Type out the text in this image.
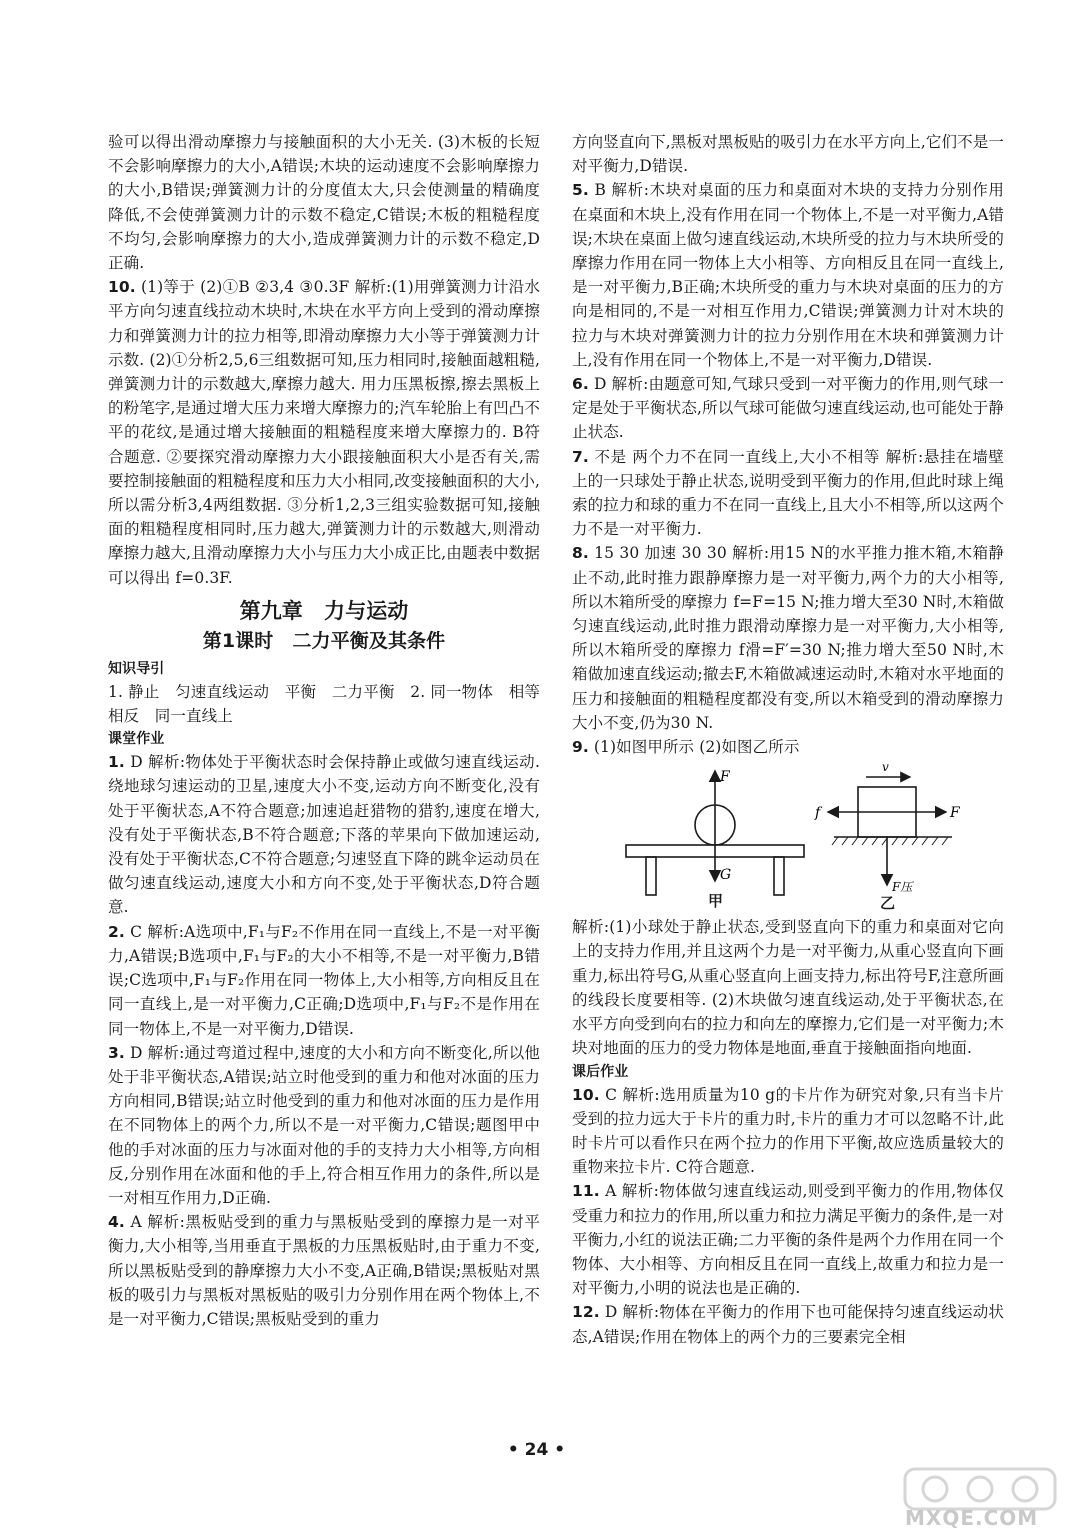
验可以得出滑动摩擦力与接触面积的大小无关. (3)木板的长短不会影响摩擦力的大小,A错误;木块的运动速度不会影响摩擦力的大小,B错误;弹簧测力计的分度值太大,只会使测量的精确度降低,不会使弹簧测力计的示数不稳定,C错误;木板的粗糙程度不均匀,会影响摩擦力的大小,造成弹簧测力计的示数不稳定,D正确.

10. (1)等于 (2)①B ②3,4 ③0.3F 解析:(1)用弹簧测力计沿水平方向匀速直线拉动木块时,木块在水平方向上受到的滑动摩擦力和弹簧测力计的拉力相等,即滑动摩擦力大小等于弹簧测力计示数. (2)①分析2,5,6三组数据可知,压力相同时,接触面越粗糙,弹簧测力计的示数越大,摩擦力越大. 用力压黑板擦,擦去黑板上的粉笔字,是通过增大压力来增大摩擦力的;汽车轮胎上有凹凸不平的花纹,是通过增大接触面的粗糙程度来增大摩擦力的. B符合题意. ②要探究滑动摩擦力大小跟接触面积大小是否有关,需要控制接触面的粗糙程度和压力大小相同,改变接触面积的大小,所以需分析3,4两组数据. ③分析1,2,3三组实验数据可知,接触面的粗糙程度相同时,压力越大,弹簧测力计的示数越大,则滑动摩擦力越大,且滑动摩擦力大小与压力大小成正比,由题表中数据可以得出 f=0.3F.

第九章　力与运动
第1课时　二力平衡及其条件
知识导引

1. 静止　匀速直线运动　平衡　二力平衡　2. 同一物体　相等　相反　同一直线上

课堂作业

1. D 解析:物体处于平衡状态时会保持静止或做匀速直线运动. 绕地球匀速运动的卫星,速度大小不变,运动方向不断变化,没有处于平衡状态,A不符合题意;加速追赶猎物的猎豹,速度在增大,没有处于平衡状态,B不符合题意;下落的苹果向下做加速运动,没有处于平衡状态,C不符合题意;匀速竖直下降的跳伞运动员在做匀速直线运动,速度大小和方向不变,处于平衡状态,D符合题意.

2. C 解析:A选项中,F₁与F₂不作用在同一直线上,不是一对平衡力,A错误;B选项中,F₁与F₂的大小不相等,不是一对平衡力,B错误;C选项中,F₁与F₂作用在同一物体上,大小相等,方向相反且在同一直线上,是一对平衡力,C正确;D选项中,F₁与F₂不是作用在同一物体上,不是一对平衡力,D错误.

3. D 解析:通过弯道过程中,速度的大小和方向不断变化,所以他处于非平衡状态,A错误;站立时他受到的重力和他对冰面的压力方向相同,B错误;站立时他受到的重力和他对冰面的压力是作用在不同物体上的两个力,所以不是一对平衡力,C错误;题图甲中他的手对冰面的压力与冰面对他的手的支持力大小相等,方向相反,分别作用在冰面和他的手上,符合相互作用力的条件,所以是一对相互作用力,D正确.

4. A 解析:黑板贴受到的重力与黑板贴受到的摩擦力是一对平衡力,大小相等,当用垂直于黑板的力压黑板贴时,由于重力不变,所以黑板贴受到的静摩擦力大小不变,A正确,B错误;黑板贴对黑板的吸引力与黑板对黑板贴的吸引力分别作用在两个物体上,不是一对平衡力,C错误;黑板贴受到的重力

方向竖直向下,黑板对黑板贴的吸引力在水平方向上,它们不是一对平衡力,D错误.

5. B 解析:木块对桌面的压力和桌面对木块的支持力分别作用在桌面和木块上,没有作用在同一个物体上,不是一对平衡力,A错误;木块在桌面上做匀速直线运动,木块所受的拉力与木块所受的摩擦力作用在同一物体上大小相等、方向相反且在同一直线上,是一对平衡力,B正确;木块所受的重力与木块对桌面的压力的方向是相同的,不是一对相互作用力,C错误;弹簧测力计对木块的拉力与木块对弹簧测力计的拉力分别作用在木块和弹簧测力计上,没有作用在同一个物体上,不是一对平衡力,D错误.

6. D 解析:由题意可知,气球只受到一对平衡力的作用,则气球一定是处于平衡状态,所以气球可能做匀速直线运动,也可能处于静止状态.

7. 不是 两个力不在同一直线上,大小不相等 解析:悬挂在墙壁上的一只球处于静止状态,说明受到平衡力的作用,但此时球上绳索的拉力和球的重力不在同一直线上,且大小不相等,所以这两个力不是一对平衡力.

8. 15 30 加速 30 30 解析:用15 N的水平推力推木箱,木箱静止不动,此时推力跟静摩擦力是一对平衡力,两个力的大小相等,所以木箱所受的摩擦力 f=F=15 N;推力增大至30 N时,木箱做匀速直线运动,此时推力跟滑动摩擦力是一对平衡力,大小相等,所以木箱所受的摩擦力 f滑=F′=30 N;推力增大至50 N时,木箱做加速直线运动;撤去F,木箱做减速运动时,木箱对水平地面的压力和接触面的粗糙程度都没有变,所以木箱受到的滑动摩擦力大小不变,仍为30 N.

9. (1)如图甲所示 (2)如图乙所示

F
G
v
F
f
F压
甲	乙

解析:(1)小球处于静止状态,受到竖直向下的重力和桌面对它向上的支持力作用,并且这两个力是一对平衡力,从重心竖直向下画重力,标出符号G,从重心竖直向上画支持力,标出符号F,注意所画的线段长度要相等. (2)木块做匀速直线运动,处于平衡状态,在水平方向受到向右的拉力和向左的摩擦力,它们是一对平衡力;木块对地面的压力的受力物体是地面,垂直于接触面指向地面.

课后作业

10. C 解析:选用质量为10 g的卡片作为研究对象,只有当卡片受到的拉力远大于卡片的重力时,卡片的重力才可以忽略不计,此时卡片可以看作只在两个拉力的作用下平衡,故应选质量较大的重物来拉卡片. C符合题意.

11. A 解析:物体做匀速直线运动,则受到平衡力的作用,物体仅受重力和拉力的作用,所以重力和拉力满足平衡力的条件,是一对平衡力,小红的说法正确;二力平衡的条件是两个力作用在同一个物体、大小相等、方向相反且在同一直线上,故重力和拉力是一对平衡力,小明的说法也是正确的.

12. D 解析:物体在平衡力的作用下也可能保持匀速直线运动状态,A错误;作用在物体上的两个力的三要素完全相

• 24 •
MXQE.COM
